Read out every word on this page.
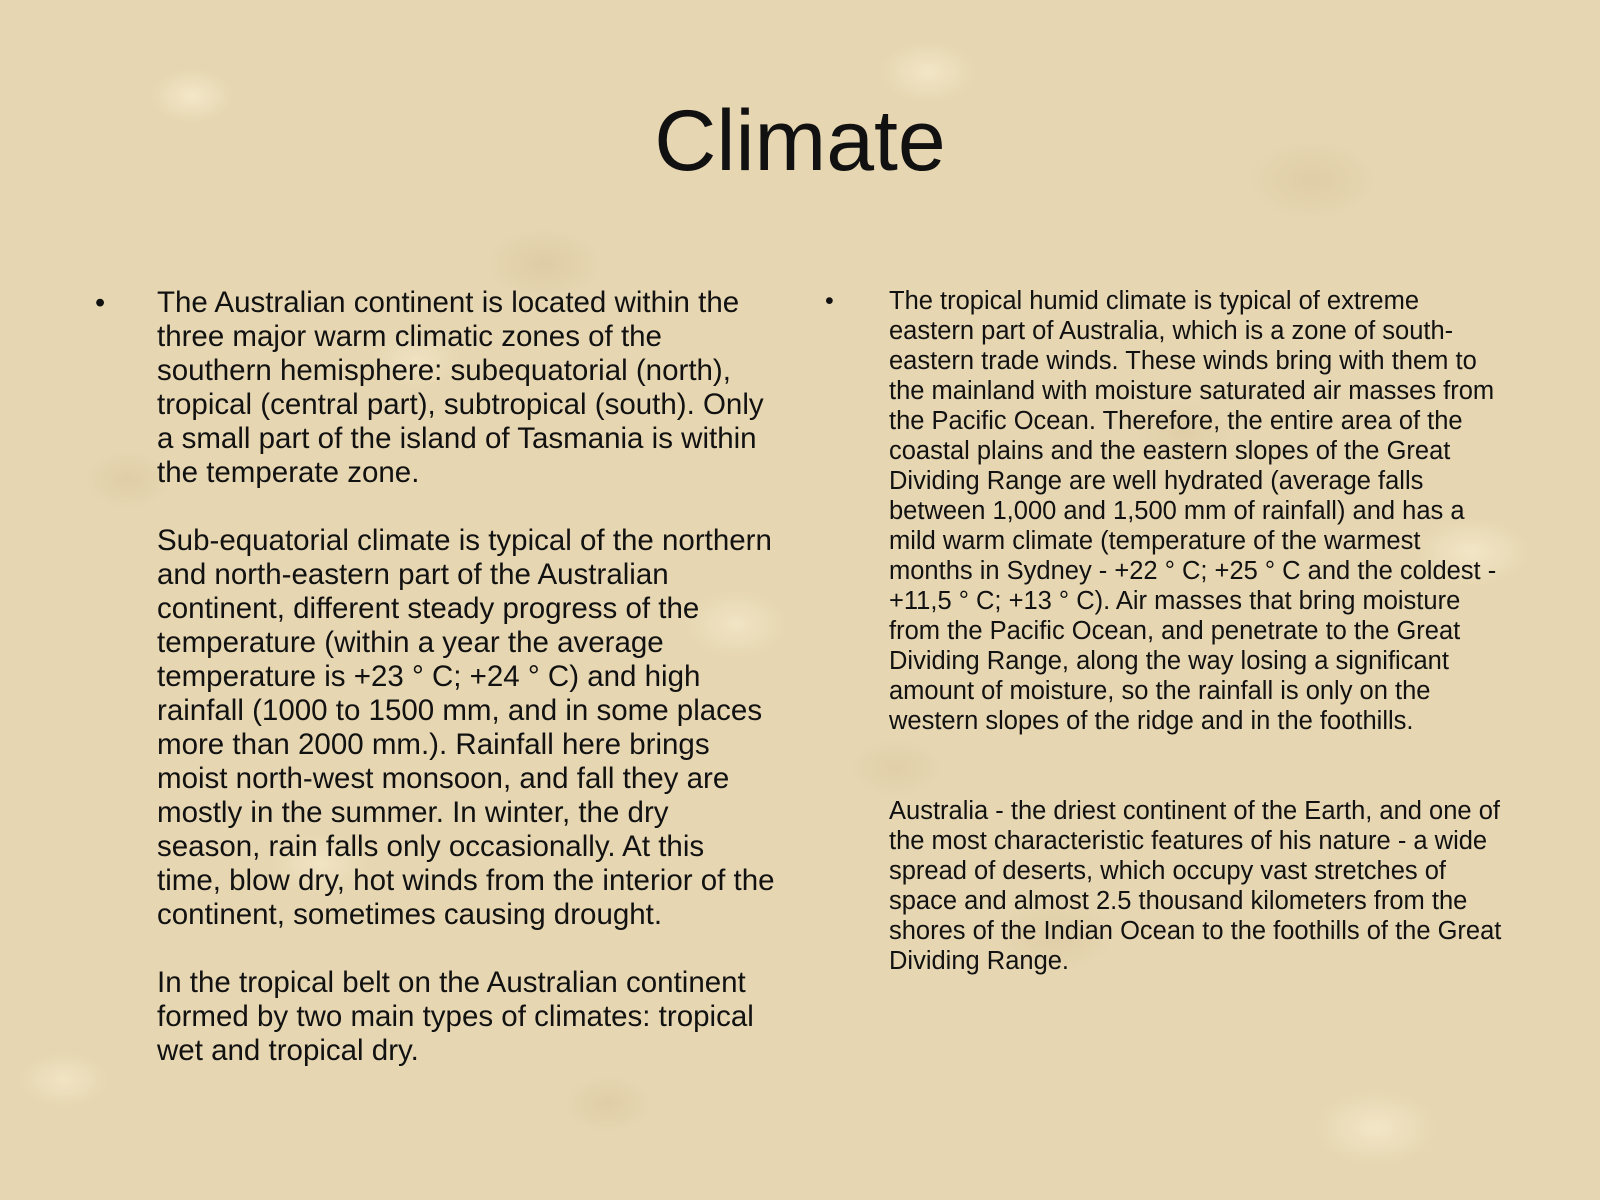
Climate
• The Australian continent is located within the three major warm climatic zones of the southern hemisphere: subequatorial (north), tropical (central part), subtropical (south). Only a small part of the island of Tasmania is within the temperate zone.

Sub-equatorial climate is typical of the northern and north-eastern part of the Australian continent, different steady progress of the temperature (within a year the average temperature is +23 ° C; +24 ° C) and high rainfall (1000 to 1500 mm, and in some places more than 2000 mm.). Rainfall here brings moist north-west monsoon, and fall they are mostly in the summer. In winter, the dry season, rain falls only occasionally. At this time, blow dry, hot winds from the interior of the continent, sometimes causing drought.

In the tropical belt on the Australian continent formed by two main types of climates: tropical wet and tropical dry.

• The tropical humid climate is typical of extreme eastern part of Australia, which is a zone of south-eastern trade winds. These winds bring with them to the mainland with moisture saturated air masses from the Pacific Ocean. Therefore, the entire area of the coastal plains and the eastern slopes of the Great Dividing Range are well hydrated (average falls between 1,000 and 1,500 mm of rainfall) and has a mild warm climate (temperature of the warmest months in Sydney - +22 ° C; +25 ° C and the coldest - +11,5 ° C; +13 ° C). Air masses that bring moisture from the Pacific Ocean, and penetrate to the Great Dividing Range, along the way losing a significant amount of moisture, so the rainfall is only on the western slopes of the ridge and in the foothills.

Australia - the driest continent of the Earth, and one of the most characteristic features of his nature - a wide spread of deserts, which occupy vast stretches of space and almost 2.5 thousand kilometers from the shores of the Indian Ocean to the foothills of the Great Dividing Range.
